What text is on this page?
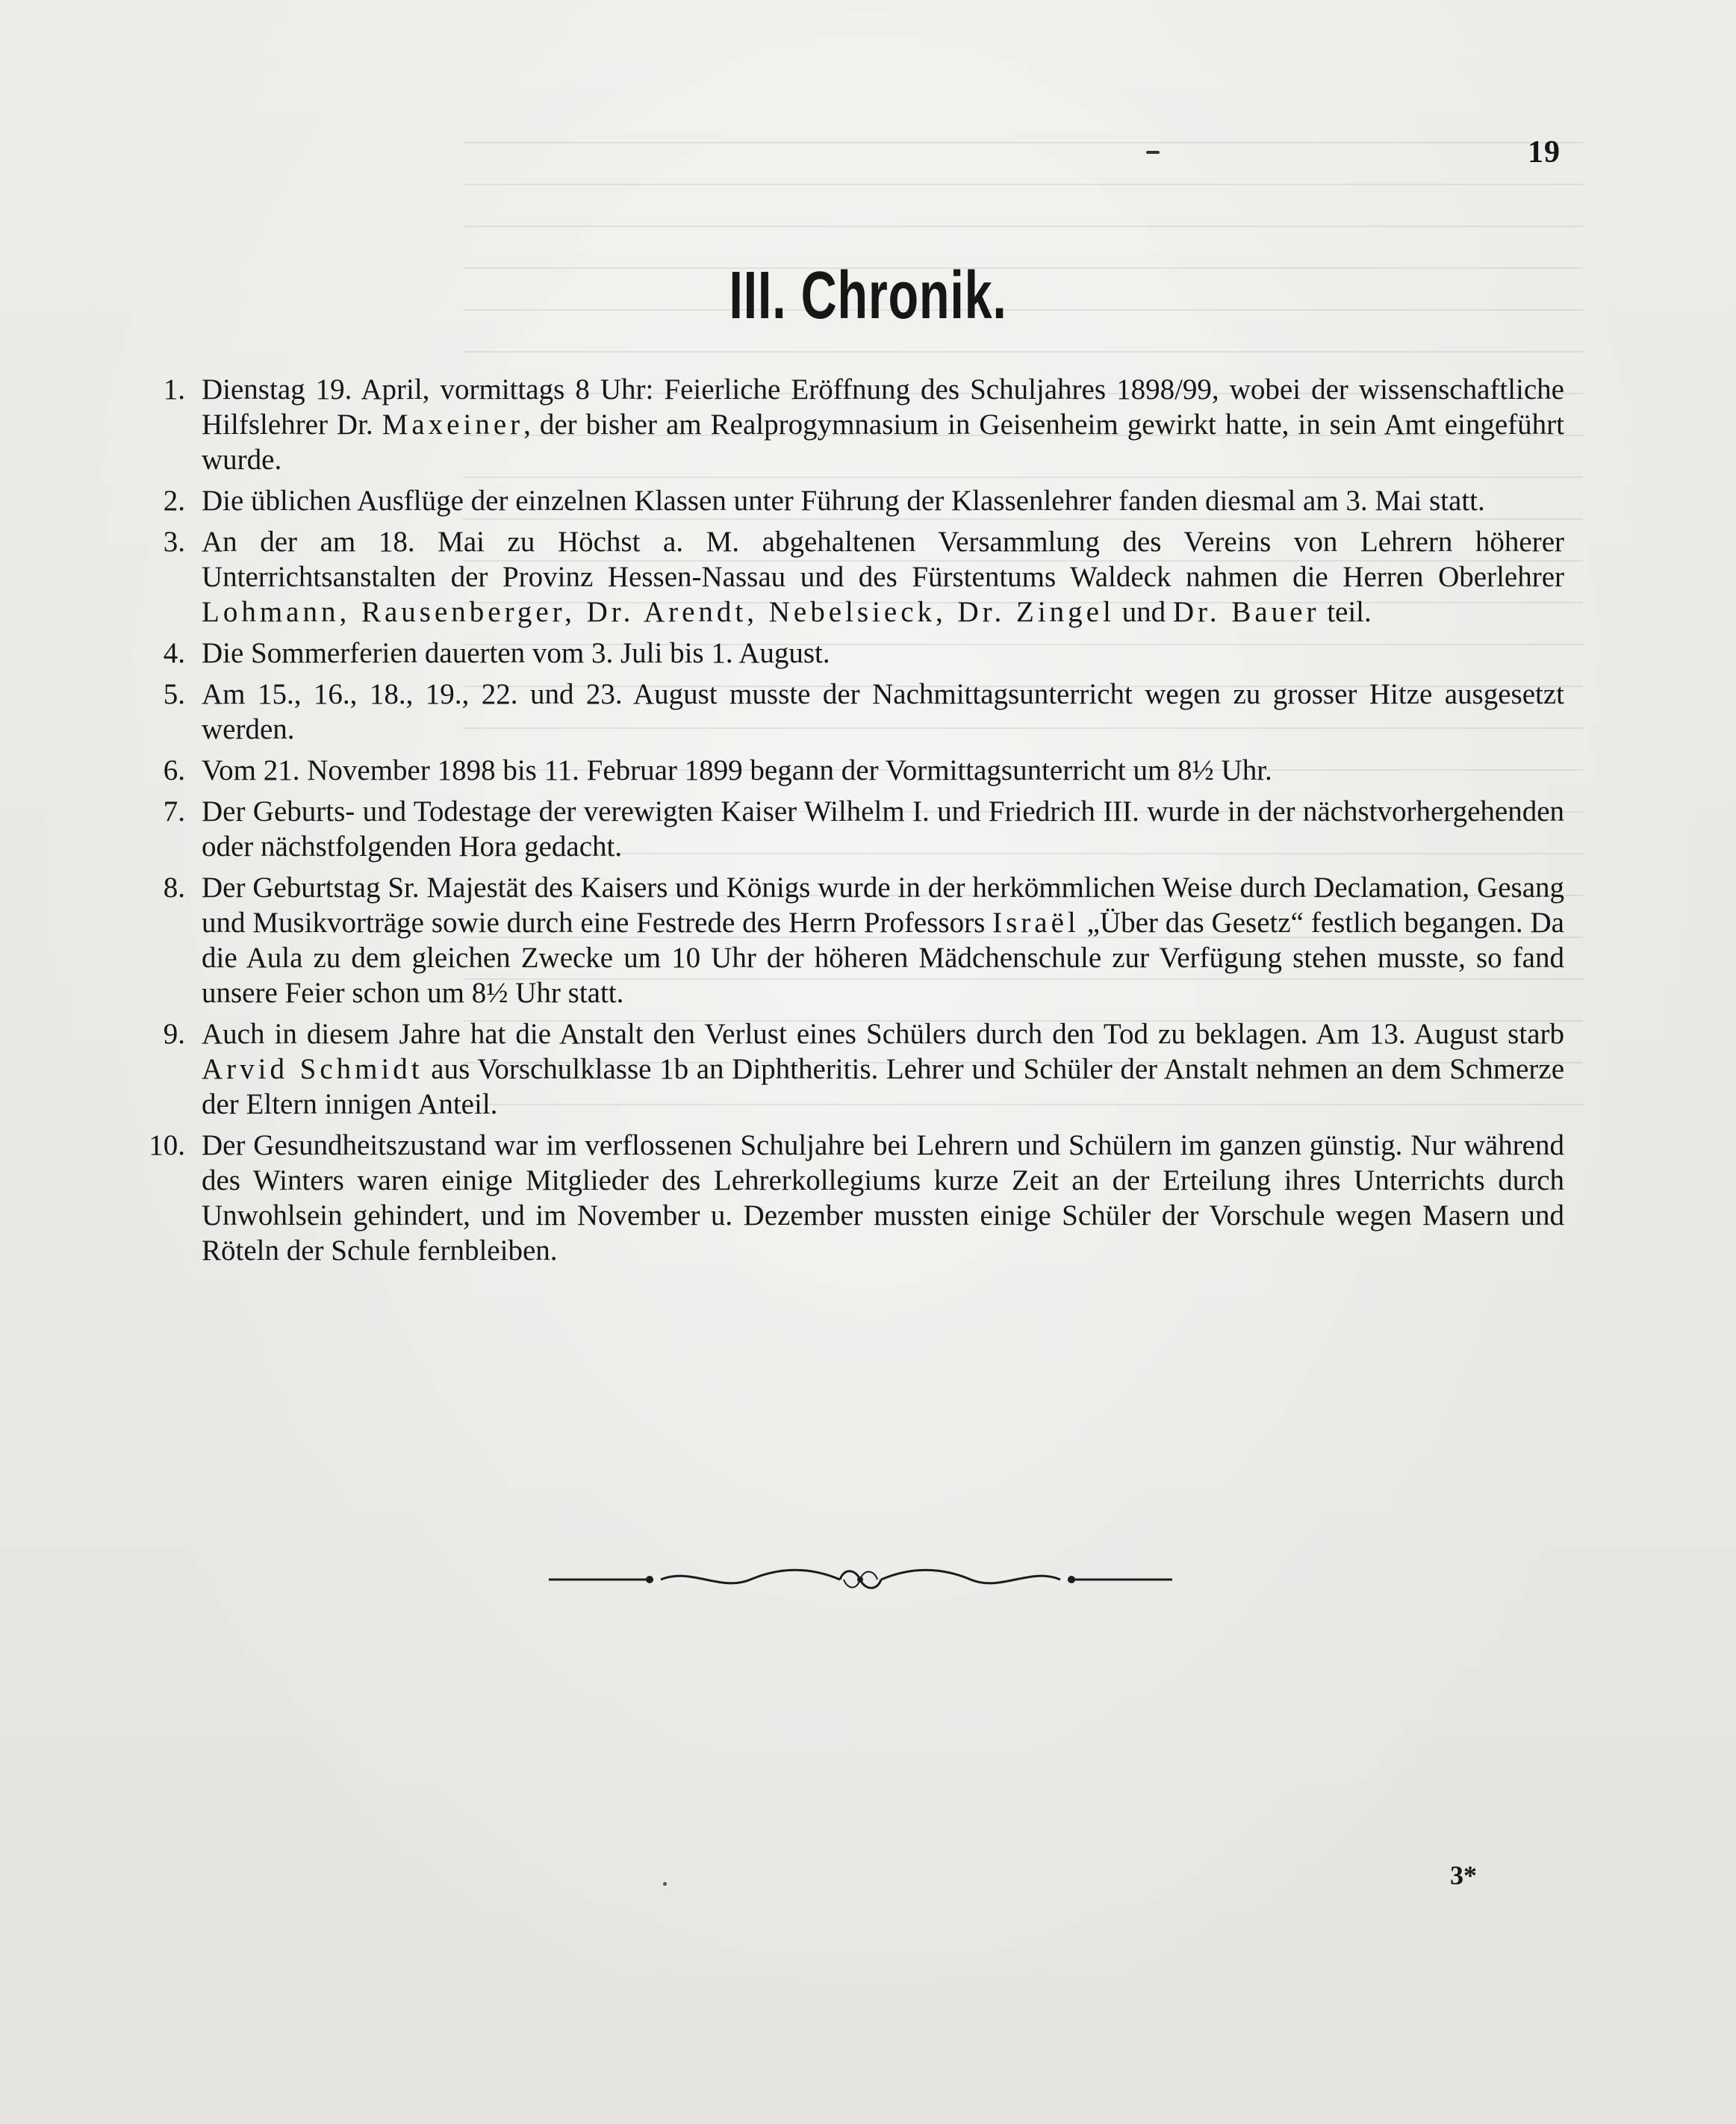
19
III. Chronik.
1. Dienstag 19. April, vormittags 8 Uhr: Feierliche Eröffnung des Schuljahres 1898/99, wobei der wissenschaftliche Hilfslehrer Dr. Maxeiner, der bisher am Realprogymnasium in Geisenheim gewirkt hatte, in sein Amt eingeführt wurde.
2. Die üblichen Ausflüge der einzelnen Klassen unter Führung der Klassenlehrer fanden diesmal am 3. Mai statt.
3. An der am 18. Mai zu Höchst a. M. abgehaltenen Versammlung des Vereins von Lehrern höherer Unterrichtsanstalten der Provinz Hessen-Nassau und des Fürstentums Waldeck nahmen die Herren Oberlehrer Lohmann, Rausenberger, Dr. Arendt, Nebelsieck, Dr. Zingel und Dr. Bauer teil.
4. Die Sommerferien dauerten vom 3. Juli bis 1. August.
5. Am 15., 16., 18., 19., 22. und 23. August musste der Nachmittagsunterricht wegen zu grosser Hitze ausgesetzt werden.
6. Vom 21. November 1898 bis 11. Februar 1899 begann der Vormittagsunterricht um 8½ Uhr.
7. Der Geburts- und Todestage der verewigten Kaiser Wilhelm I. und Friedrich III. wurde in der nächstvorhergehenden oder nächstfolgenden Hora gedacht.
8. Der Geburtstag Sr. Majestät des Kaisers und Königs wurde in der herkömmlichen Weise durch Declamation, Gesang und Musikvorträge sowie durch eine Festrede des Herrn Professors Israël „Über das Gesetz“ festlich begangen. Da die Aula zu dem gleichen Zwecke um 10 Uhr der höheren Mädchenschule zur Verfügung stehen musste, so fand unsere Feier schon um 8½ Uhr statt.
9. Auch in diesem Jahre hat die Anstalt den Verlust eines Schülers durch den Tod zu beklagen. Am 13. August starb Arvid Schmidt aus Vorschulklasse 1b an Diphtheritis. Lehrer und Schüler der Anstalt nehmen an dem Schmerze der Eltern innigen Anteil.
10. Der Gesundheitszustand war im verflossenen Schuljahre bei Lehrern und Schülern im ganzen günstig. Nur während des Winters waren einige Mitglieder des Lehrerkollegiums kurze Zeit an der Erteilung ihres Unterrichts durch Unwohlsein gehindert, und im November u. Dezember mussten einige Schüler der Vorschule wegen Masern und Röteln der Schule fernbleiben.
3*
